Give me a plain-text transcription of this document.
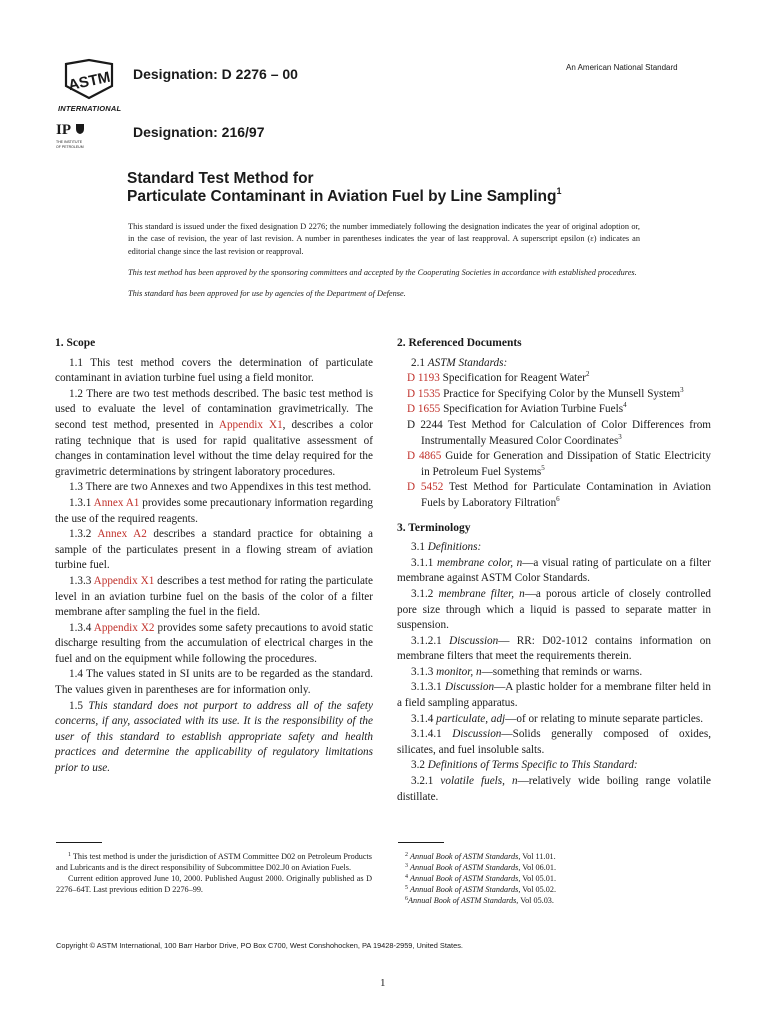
ASTM
INTERNATIONAL
IP
THE INSTITUTE OF PETROLEUM
Designation: D 2276 – 00	An American National Standard
Designation: 216/97
Standard Test Method for
Particulate Contaminant in Aviation Fuel by Line Sampling$^1$

This standard is issued under the fixed designation D 2276; the number immediately following the designation indicates the year of original adoption or, in the case of revision, the year of last revision. A number in parentheses indicates the year of last reapproval. A superscript epsilon (ε) indicates an editorial change since the last revision or reapproval.

This test method has been approved by the sponsoring committees and accepted by the Cooperating Societies in accordance with established procedures.

This standard has been approved for use by agencies of the Department of Defense.

1. Scope

1.1 This test method covers the determination of particulate contaminant in aviation turbine fuel using a field monitor.

1.2 There are two test methods described. The basic test method is used to evaluate the level of contamination gravimetrically. The second test method, presented in Appendix X1, describes a color rating technique that is used for rapid qualitative assessment of changes in contamination level without the time delay required for the gravimetric determinations by stringent laboratory procedures.

1.3 There are two Annexes and two Appendixes in this test method.

1.3.1 Annex A1 provides some precautionary information regarding the use of the required reagents.

1.3.2 Annex A2 describes a standard practice for obtaining a sample of the particulates present in a flowing stream of aviation turbine fuel.

1.3.3 Appendix X1 describes a test method for rating the particulate level in an aviation turbine fuel on the basis of the color of a filter membrane after sampling the fuel in the field.

1.3.4 Appendix X2 provides some safety precautions to avoid static discharge resulting from the accumulation of electrical charges in the fuel and on the equipment while following the procedures.

1.4 The values stated in SI units are to be regarded as the standard. The values given in parentheses are for information only.

1.5 This standard does not purport to address all of the safety concerns, if any, associated with its use. It is the responsibility of the user of this standard to establish appropriate safety and health practices and determine the applicability of regulatory limitations prior to use.

2. Referenced Documents

2.1 ASTM Standards:

D 1193 Specification for Reagent Water$^2$

D 1535 Practice for Specifying Color by the Munsell System$^3$

D 1655 Specification for Aviation Turbine Fuels$^4$

D 2244 Test Method for Calculation of Color Differences from Instrumentally Measured Color Coordinates$^3$

D 4865 Guide for Generation and Dissipation of Static Electricity in Petroleum Fuel Systems$^5$

D 5452 Test Method for Particulate Contamination in Aviation Fuels by Laboratory Filtration$^6$

3. Terminology

3.1 Definitions:

3.1.1 membrane color, n—a visual rating of particulate on a filter membrane against ASTM Color Standards.

3.1.2 membrane filter, n—a porous article of closely controlled pore size through which a liquid is passed to separate matter in suspension.

3.1.2.1 Discussion— RR: D02-1012 contains information on membrane filters that meet the requirements therein.

3.1.3 monitor, n—something that reminds or warns.

3.1.3.1 Discussion—A plastic holder for a membrane filter held in a field sampling apparatus.

3.1.4 particulate, adj—of or relating to minute separate particles.

3.1.4.1 Discussion—Solids generally composed of oxides, silicates, and fuel insoluble salts.

3.2 Definitions of Terms Specific to This Standard:

3.2.1 volatile fuels, n—relatively wide boiling range volatile distillate.

$^1$ This test method is under the jurisdiction of ASTM Committee D02 on Petroleum Products and Lubricants and is the direct responsibility of Subcommittee D02.J0 on Aviation Fuels.

Current edition approved June 10, 2000. Published August 2000. Originally published as D 2276–64T. Last previous edition D 2276–99.

$^2$ Annual Book of ASTM Standards, Vol 11.01.

$^3$ Annual Book of ASTM Standards, Vol 06.01.

$^4$ Annual Book of ASTM Standards, Vol 05.01.

$^5$ Annual Book of ASTM Standards, Vol 05.02.

$^6$Annual Book of ASTM Standards, Vol 05.03.

Copyright © ASTM International, 100 Barr Harbor Drive, PO Box C700, West Conshohocken, PA 19428-2959, United States.
1
